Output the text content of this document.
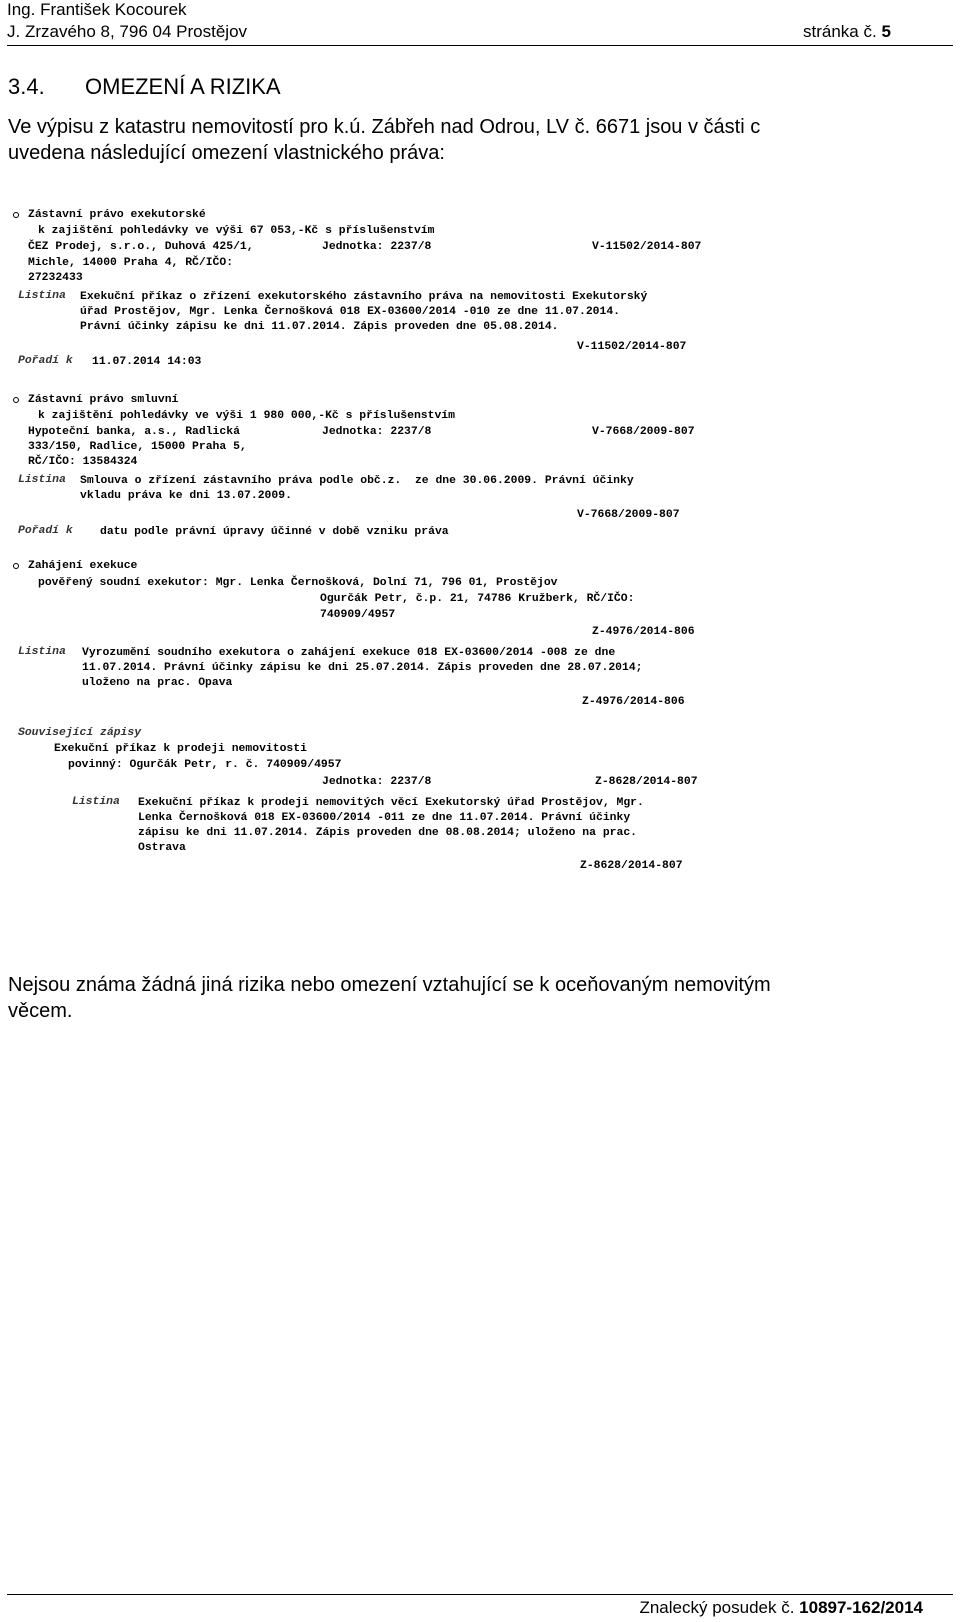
Ing. František Kocourek
J. Zrzavého 8, 796 04 Prostějov	stránka č. 5
3.4. OMEZENÍ A RIZIKA
Ve výpisu z katastru nemovitostí pro k.ú. Zábřeh nad Odrou, LV č. 6671 jsou v části c
uvedena následující omezení vlastnického práva:
Zástavní právo exekutorské
k zajištění pohledávky ve výši 67 053,-Kč s příslušenstvím
ČEZ Prodej, s.r.o., Duhová 425/1,	Jednotka: 2237/8	V-11502/2014-807
Michle, 14000 Praha 4, RČ/IČO:
27232433
Listina Exekuční příkaz o zřízení exekutorského zástavního práva na nemovitosti Exekutorský
úřad Prostějov, Mgr. Lenka Černošková 018 EX-03600/2014 -010 ze dne 11.07.2014.
Právní účinky zápisu ke dni 11.07.2014. Zápis proveden dne 05.08.2014.
V-11502/2014-807
Pořadí k 11.07.2014 14:03
Zástavní právo smluvní
k zajištění pohledávky ve výši 1 980 000,-Kč s příslušenstvím
Hypoteční banka, a.s., Radlická	Jednotka: 2237/8	V-7668/2009-807
333/150, Radlice, 15000 Praha 5,
RČ/IČO: 13584324
Listina Smlouva o zřízení zástavního práva podle obč.z.  ze dne 30.06.2009. Právní účinky
vkladu práva ke dni 13.07.2009.
V-7668/2009-807
Pořadí k datu podle právní úpravy účinné v době vzniku práva
Zahájení exekuce
pověřený soudní exekutor: Mgr. Lenka Černošková, Dolní 71, 796 01, Prostějov
Ogurčák Petr, č.p. 21, 74786 Kružberk, RČ/IČO:
740909/4957
Z-4976/2014-806
Listina Vyrozumění soudního exekutora o zahájení exekuce 018 EX-03600/2014 -008 ze dne
11.07.2014. Právní účinky zápisu ke dni 25.07.2014. Zápis proveden dne 28.07.2014;
uloženo na prac. Opava
Z-4976/2014-806
Související zápisy
Exekuční příkaz k prodeji nemovitosti
povinný: Ogurčák Petr, r. č. 740909/4957
Jednotka: 2237/8	Z-8628/2014-807
Listina Exekuční příkaz k prodeji nemovitých věcí Exekutorský úřad Prostějov, Mgr.
Lenka Černošková 018 EX-03600/2014 -011 ze dne 11.07.2014. Právní účinky
zápisu ke dni 11.07.2014. Zápis proveden dne 08.08.2014; uloženo na prac.
Ostrava
Z-8628/2014-807
Nejsou známa žádná jiná rizika nebo omezení vztahující se k oceňovaným nemovitým
věcem.
Znalecký posudek č. 10897-162/2014
